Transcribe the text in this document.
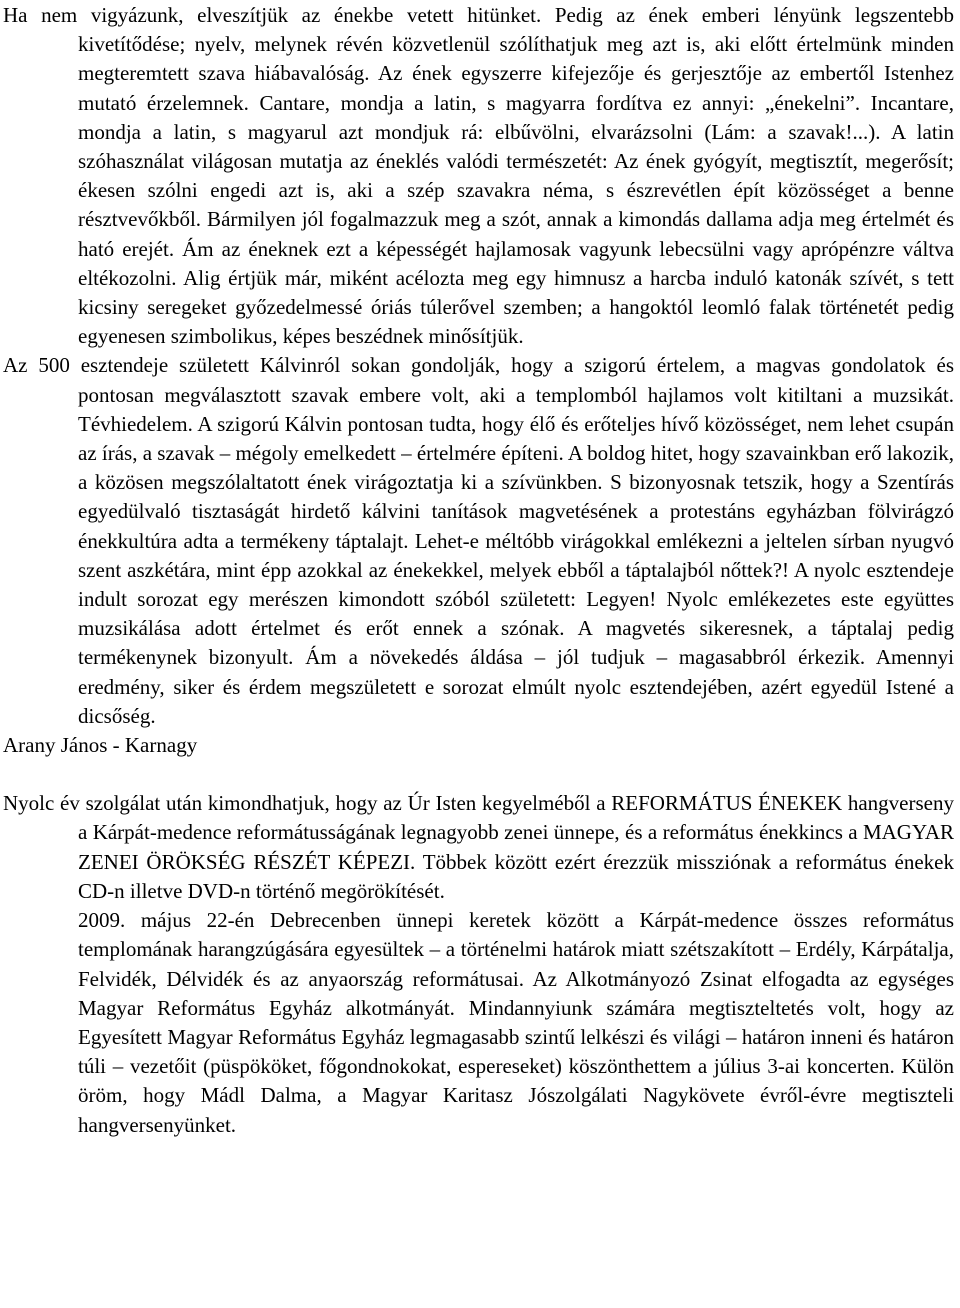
Ha nem vigyázunk, elveszítjük az énekbe vetett hitünket. Pedig az ének emberi lényünk legszentebb kivetítődése; nyelv, melynek révén közvetlenül szólíthatjuk meg azt is, aki előtt értelmünk minden megteremtett szava hiábavalóság. Az ének egyszerre kifejezője és gerjesztője az embertől Istenhez mutató érzelemnek. Cantare, mondja a latin, s magyarra fordítva ez annyi: „énekelni”. Incantare, mondja a latin, s magyarul azt mondjuk rá: elbűvölni, elvarázsolni (Lám: a szavak!...). A latin szóhasználat világosan mutatja az éneklés valódi természetét: Az ének gyógyít, megtisztít, megerősít; ékesen szólni engedi azt is, aki a szép szavakra néma, s észrevétlen épít közösséget a benne résztvevőkből. Bármilyen jól fogalmazzuk meg a szót, annak a kimondás dallama adja meg értelmét és ható erejét. Ám az éneknek ezt a képességét hajlamosak vagyunk lebecsülni vagy aprópénzre váltva eltékozolni. Alig értjük már, miként acélozta meg egy himnusz a harcba induló katonák szívét, s tett kicsiny seregeket győzedelmessé óriás túlerővel szemben; a hangoktól leomló falak történetét pedig egyenesen szimbolikus, képes beszédnek minősítjük.

Az 500 esztendeje született Kálvinról sokan gondolják, hogy a szigorú értelem, a magvas gondolatok és pontosan megválasztott szavak embere volt, aki a templomból hajlamos volt kitiltani a muzsikát. Tévhiedelem. A szigorú Kálvin pontosan tudta, hogy élő és erőteljes hívő közösséget, nem lehet csupán az írás, a szavak – mégoly emelkedett – értelmére építeni. A boldog hitet, hogy szavainkban erő lakozik, a közösen megszólaltatott ének virágoztatja ki a szívünkben. S bizonyosnak tetszik, hogy a Szentírás egyedülvaló tisztaságát hirdető kálvini tanítások magvetésének a protestáns egyházban fölvirágzó énekkultúra adta a termékeny táptalajt. Lehet-e méltóbb virágokkal emlékezni a jeltelen sírban nyugvó szent aszkétára, mint épp azokkal az énekekkel, melyek ebből a táptalajból nőttek?! A nyolc esztendeje indult sorozat egy merészen kimondott szóból született: Legyen! Nyolc emlékezetes este együttes muzsikálása adott értelmet és erőt ennek a szónak. A magvetés sikeresnek, a táptalaj pedig termékenynek bizonyult. Ám a növekedés áldása – jól tudjuk – magasabbról érkezik. Amennyi eredmény, siker és érdem megszületett e sorozat elmúlt nyolc esztendejében, azért egyedül Istené a dicsőség.

Arany János - Karnagy

Nyolc év szolgálat után kimondhatjuk, hogy az Úr Isten kegyelméből a REFORMÁTUS ÉNEKEK hangverseny a Kárpát-medence reformátusságának legnagyobb zenei ünnepe, és a református énekkincs a MAGYAR ZENEI ÖRÖKSÉG RÉSZÉT KÉPEZI. Többek között ezért érezzük missziónak a református énekek CD-n illetve DVD-n történő megörökítését.

2009. május 22-én Debrecenben ünnepi keretek között a Kárpát-medence összes református templomának harangzúgására egyesültek – a történelmi határok miatt szétszakított – Erdély, Kárpátalja, Felvidék, Délvidék és az anyaország reformátusai. Az Alkotmányozó Zsinat elfogadta az egységes Magyar Református Egyház alkotmányát. Mindannyiunk számára megtiszteltetés volt, hogy az Egyesített Magyar Református Egyház legmagasabb szintű lelkészi és világi – határon inneni és határon túli – vezetőit (püspököket, főgondnokokat, espereseket) köszönthettem a július 3-ai koncerten. Külön öröm, hogy Mádl Dalma, a Magyar Karitasz Jószolgálati Nagykövete évről-évre megtiszteli hangversenyünket.
